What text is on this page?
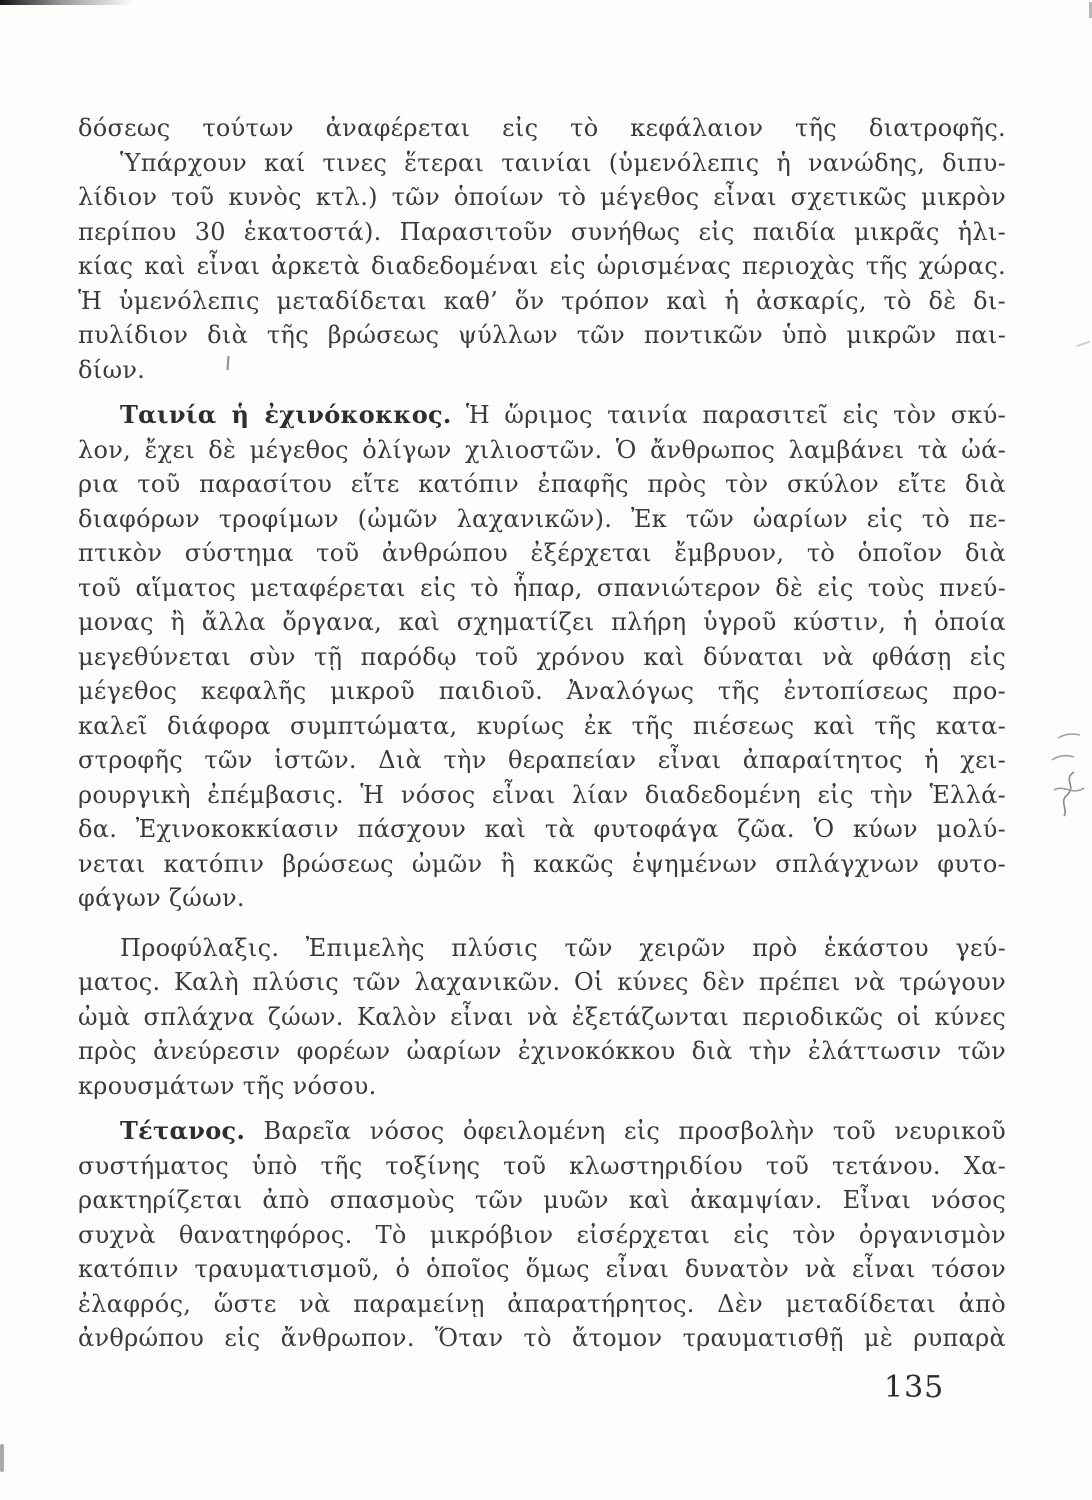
δόσεως τούτων ἀναφέρεται εἰς τὸ κεφάλαιον τῆς διατροφῆς.
Ὑπάρχουν καί τινες ἕτεραι ταινίαι (ὑμενόλεπις ἡ νανώδης, διπυ-
λίδιον τοῦ κυνὸς κτλ.) τῶν ὁποίων τὸ μέγεθος εἶναι σχετικῶς μικρὸν
περίπου 30 ἑκατοστά). Παρασιτοῦν συνήθως εἰς παιδία μικρᾶς ἡλι-
κίας καὶ εἶναι ἀρκετὰ διαδεδομέναι εἰς ὡρισμένας περιοχὰς τῆς χώρας.
Ἡ ὑμενόλεπις μεταδίδεται καθ’ ὅν τρόπον καὶ ἡ ἀσκαρίς, τὸ δὲ δι-
πυλίδιον διὰ τῆς βρώσεως ψύλλων τῶν ποντικῶν ὑπὸ μικρῶν παι-
δίων.
Ταινία ἡ ἐχινόκοκκος. Ἡ ὥριμος ταινία παρασιτεῖ εἰς τὸν σκύ-
λον, ἔχει δὲ μέγεθος ὀλίγων χιλιοστῶν. Ὁ ἄνθρωπος λαμβάνει τὰ ὠά-
ρια τοῦ παρασίτου εἴτε κατόπιν ἐπαφῆς πρὸς τὸν σκύλον εἴτε διὰ
διαφόρων τροφίμων (ὠμῶν λαχανικῶν). Ἐκ τῶν ὠαρίων εἰς τὸ πε-
πτικὸν σύστημα τοῦ ἀνθρώπου ἐξέρχεται ἔμβρυον, τὸ ὁποῖον διὰ
τοῦ αἵματος μεταφέρεται εἰς τὸ ἧπαρ, σπανιώτερον δὲ εἰς τοὺς πνεύ-
μονας ἢ ἄλλα ὄργανα, καὶ σχηματίζει πλήρη ὑγροῦ κύστιν, ἡ ὁποία
μεγεθύνεται σὺν τῇ παρόδῳ τοῦ χρόνου καὶ δύναται νὰ φθάσῃ εἰς
μέγεθος κεφαλῆς μικροῦ παιδιοῦ. Ἀναλόγως τῆς ἐντοπίσεως προ-
καλεῖ διάφορα συμπτώματα, κυρίως ἐκ τῆς πιέσεως καὶ τῆς κατα-
στροφῆς τῶν ἱστῶν. Διὰ τὴν θεραπείαν εἶναι ἀπαραίτητος ἡ χει-
ρουργικὴ ἐπέμβασις. Ἡ νόσος εἶναι λίαν διαδεδομένη εἰς τὴν Ἑλλά-
δα. Ἐχινοκοκκίασιν πάσχουν καὶ τὰ φυτοφάγα ζῶα. Ὁ κύων μολύ-
νεται κατόπιν βρώσεως ὠμῶν ἢ κακῶς ἑψημένων σπλάγχνων φυτο-
φάγων ζώων.
Προφύλαξις. Ἐπιμελὴς πλύσις τῶν χειρῶν πρὸ ἑκάστου γεύ-
ματος. Καλὴ πλύσις τῶν λαχανικῶν. Οἱ κύνες δὲν πρέπει νὰ τρώγουν
ὠμὰ σπλάχνα ζώων. Καλὸν εἶναι νὰ ἐξετάζωνται περιοδικῶς οἱ κύνες
πρὸς ἀνεύρεσιν φορέων ὠαρίων ἐχινοκόκκου διὰ τὴν ἐλάττωσιν τῶν
κρουσμάτων τῆς νόσου.
Τέτανος. Βαρεῖα νόσος ὀφειλομένη εἰς προσβολὴν τοῦ νευρικοῦ
συστήματος ὑπὸ τῆς τοξίνης τοῦ κλωστηριδίου τοῦ τετάνου. Χα-
ρακτηρίζεται ἀπὸ σπασμοὺς τῶν μυῶν καὶ ἀκαμψίαν. Εἶναι νόσος
συχνὰ θανατηφόρος. Τὸ μικρόβιον εἰσέρχεται εἰς τὸν ὀργανισμὸν
κατόπιν τραυματισμοῦ, ὁ ὁποῖος ὅμως εἶναι δυνατὸν νὰ εἶναι τόσον
ἐλαφρός, ὥστε νὰ παραμείνῃ ἀπαρατήρητος. Δὲν μεταδίδεται ἀπὸ
ἀνθρώπου εἰς ἄνθρωπον. Ὅταν τὸ ἄτομον τραυματισθῇ μὲ ρυπαρὰ
135
